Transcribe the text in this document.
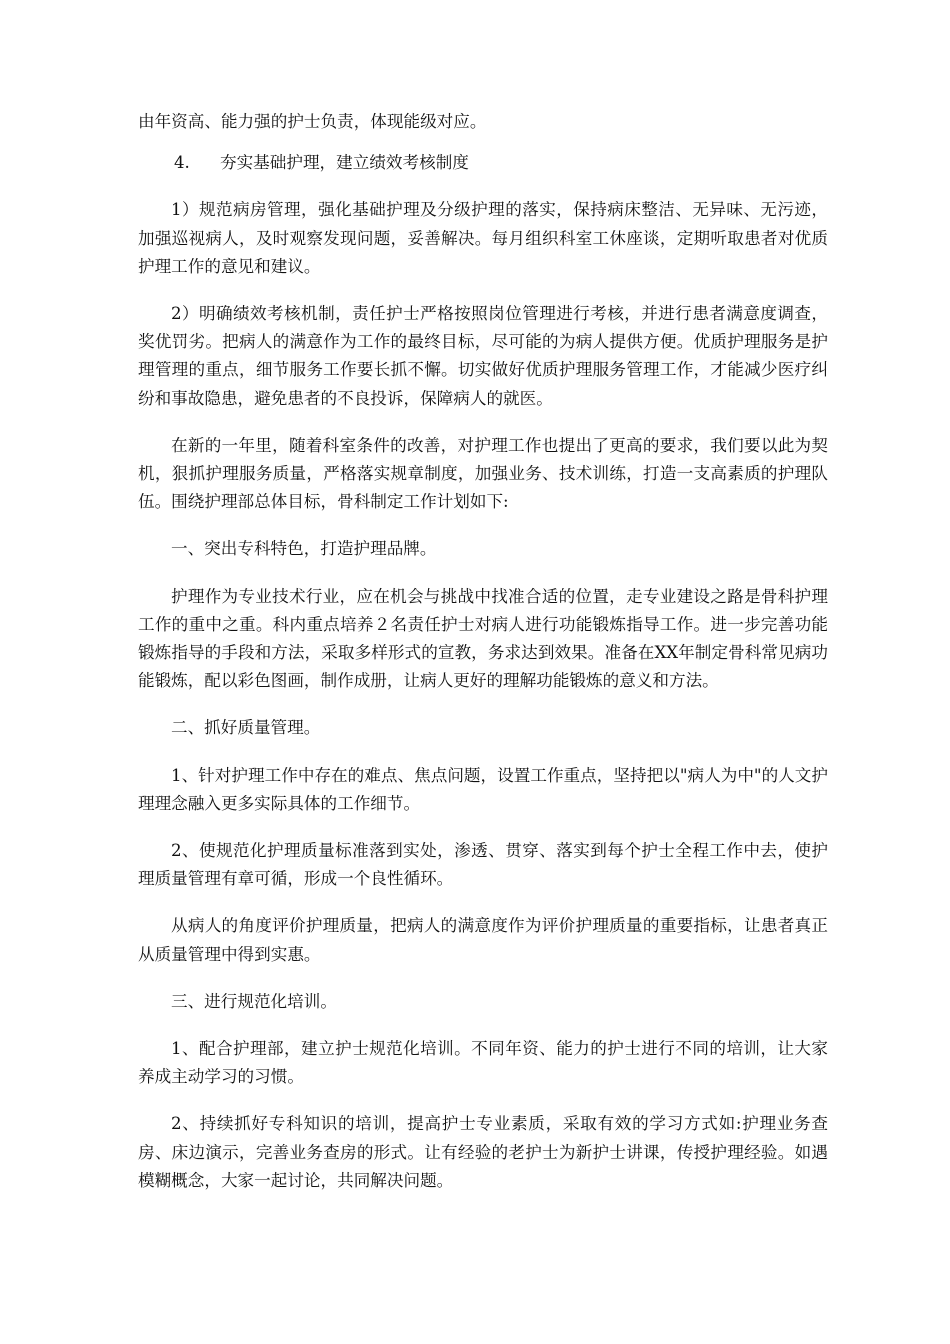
由年资高、能力强的护士负责，体现能级对应。

4. 夯实基础护理，建立绩效考核制度

1）规范病房管理，强化基础护理及分级护理的落实，保持病床整洁、无异味、无污迹，加强巡视病人，及时观察发现问题，妥善解决。每月组织科室工休座谈，定期听取患者对优质护理工作的意见和建议。

2）明确绩效考核机制，责任护士严格按照岗位管理进行考核，并进行患者满意度调查，奖优罚劣。把病人的满意作为工作的最终目标，尽可能的为病人提供方便。优质护理服务是护理管理的重点，细节服务工作要长抓不懈。切实做好优质护理服务管理工作，才能减少医疗纠纷和事故隐患，避免患者的不良投诉，保障病人的就医。

在新的一年里，随着科室条件的改善，对护理工作也提出了更高的要求，我们要以此为契机，狠抓护理服务质量，严格落实规章制度，加强业务、技术训练，打造一支高素质的护理队伍。围绕护理部总体目标，骨科制定工作计划如下:

一、突出专科特色，打造护理品牌。

护理作为专业技术行业，应在机会与挑战中找准合适的位置，走专业建设之路是骨科护理工作的重中之重。科内重点培养２名责任护士对病人进行功能锻炼指导工作。进一步完善功能锻炼指导的手段和方法，采取多样形式的宣教，务求达到效果。准备在XX年制定骨科常见病功能锻炼，配以彩色图画，制作成册，让病人更好的理解功能锻炼的意义和方法。

二、抓好质量管理。

1、针对护理工作中存在的难点、焦点问题，设置工作重点，坚持把以"病人为中"的人文护理理念融入更多实际具体的工作细节。

2、使规范化护理质量标准落到实处，渗透、贯穿、落实到每个护士全程工作中去，使护理质量管理有章可循，形成一个良性循环。

从病人的角度评价护理质量，把病人的满意度作为评价护理质量的重要指标，让患者真正从质量管理中得到实惠。

三、进行规范化培训。

1、配合护理部，建立护士规范化培训。不同年资、能力的护士进行不同的培训，让大家养成主动学习的习惯。

2、持续抓好专科知识的培训，提高护士专业素质，采取有效的学习方式如:护理业务查房、床边演示，完善业务查房的形式。让有经验的老护士为新护士讲课，传授护理经验。如遇模糊概念，大家一起讨论，共同解决问题。
